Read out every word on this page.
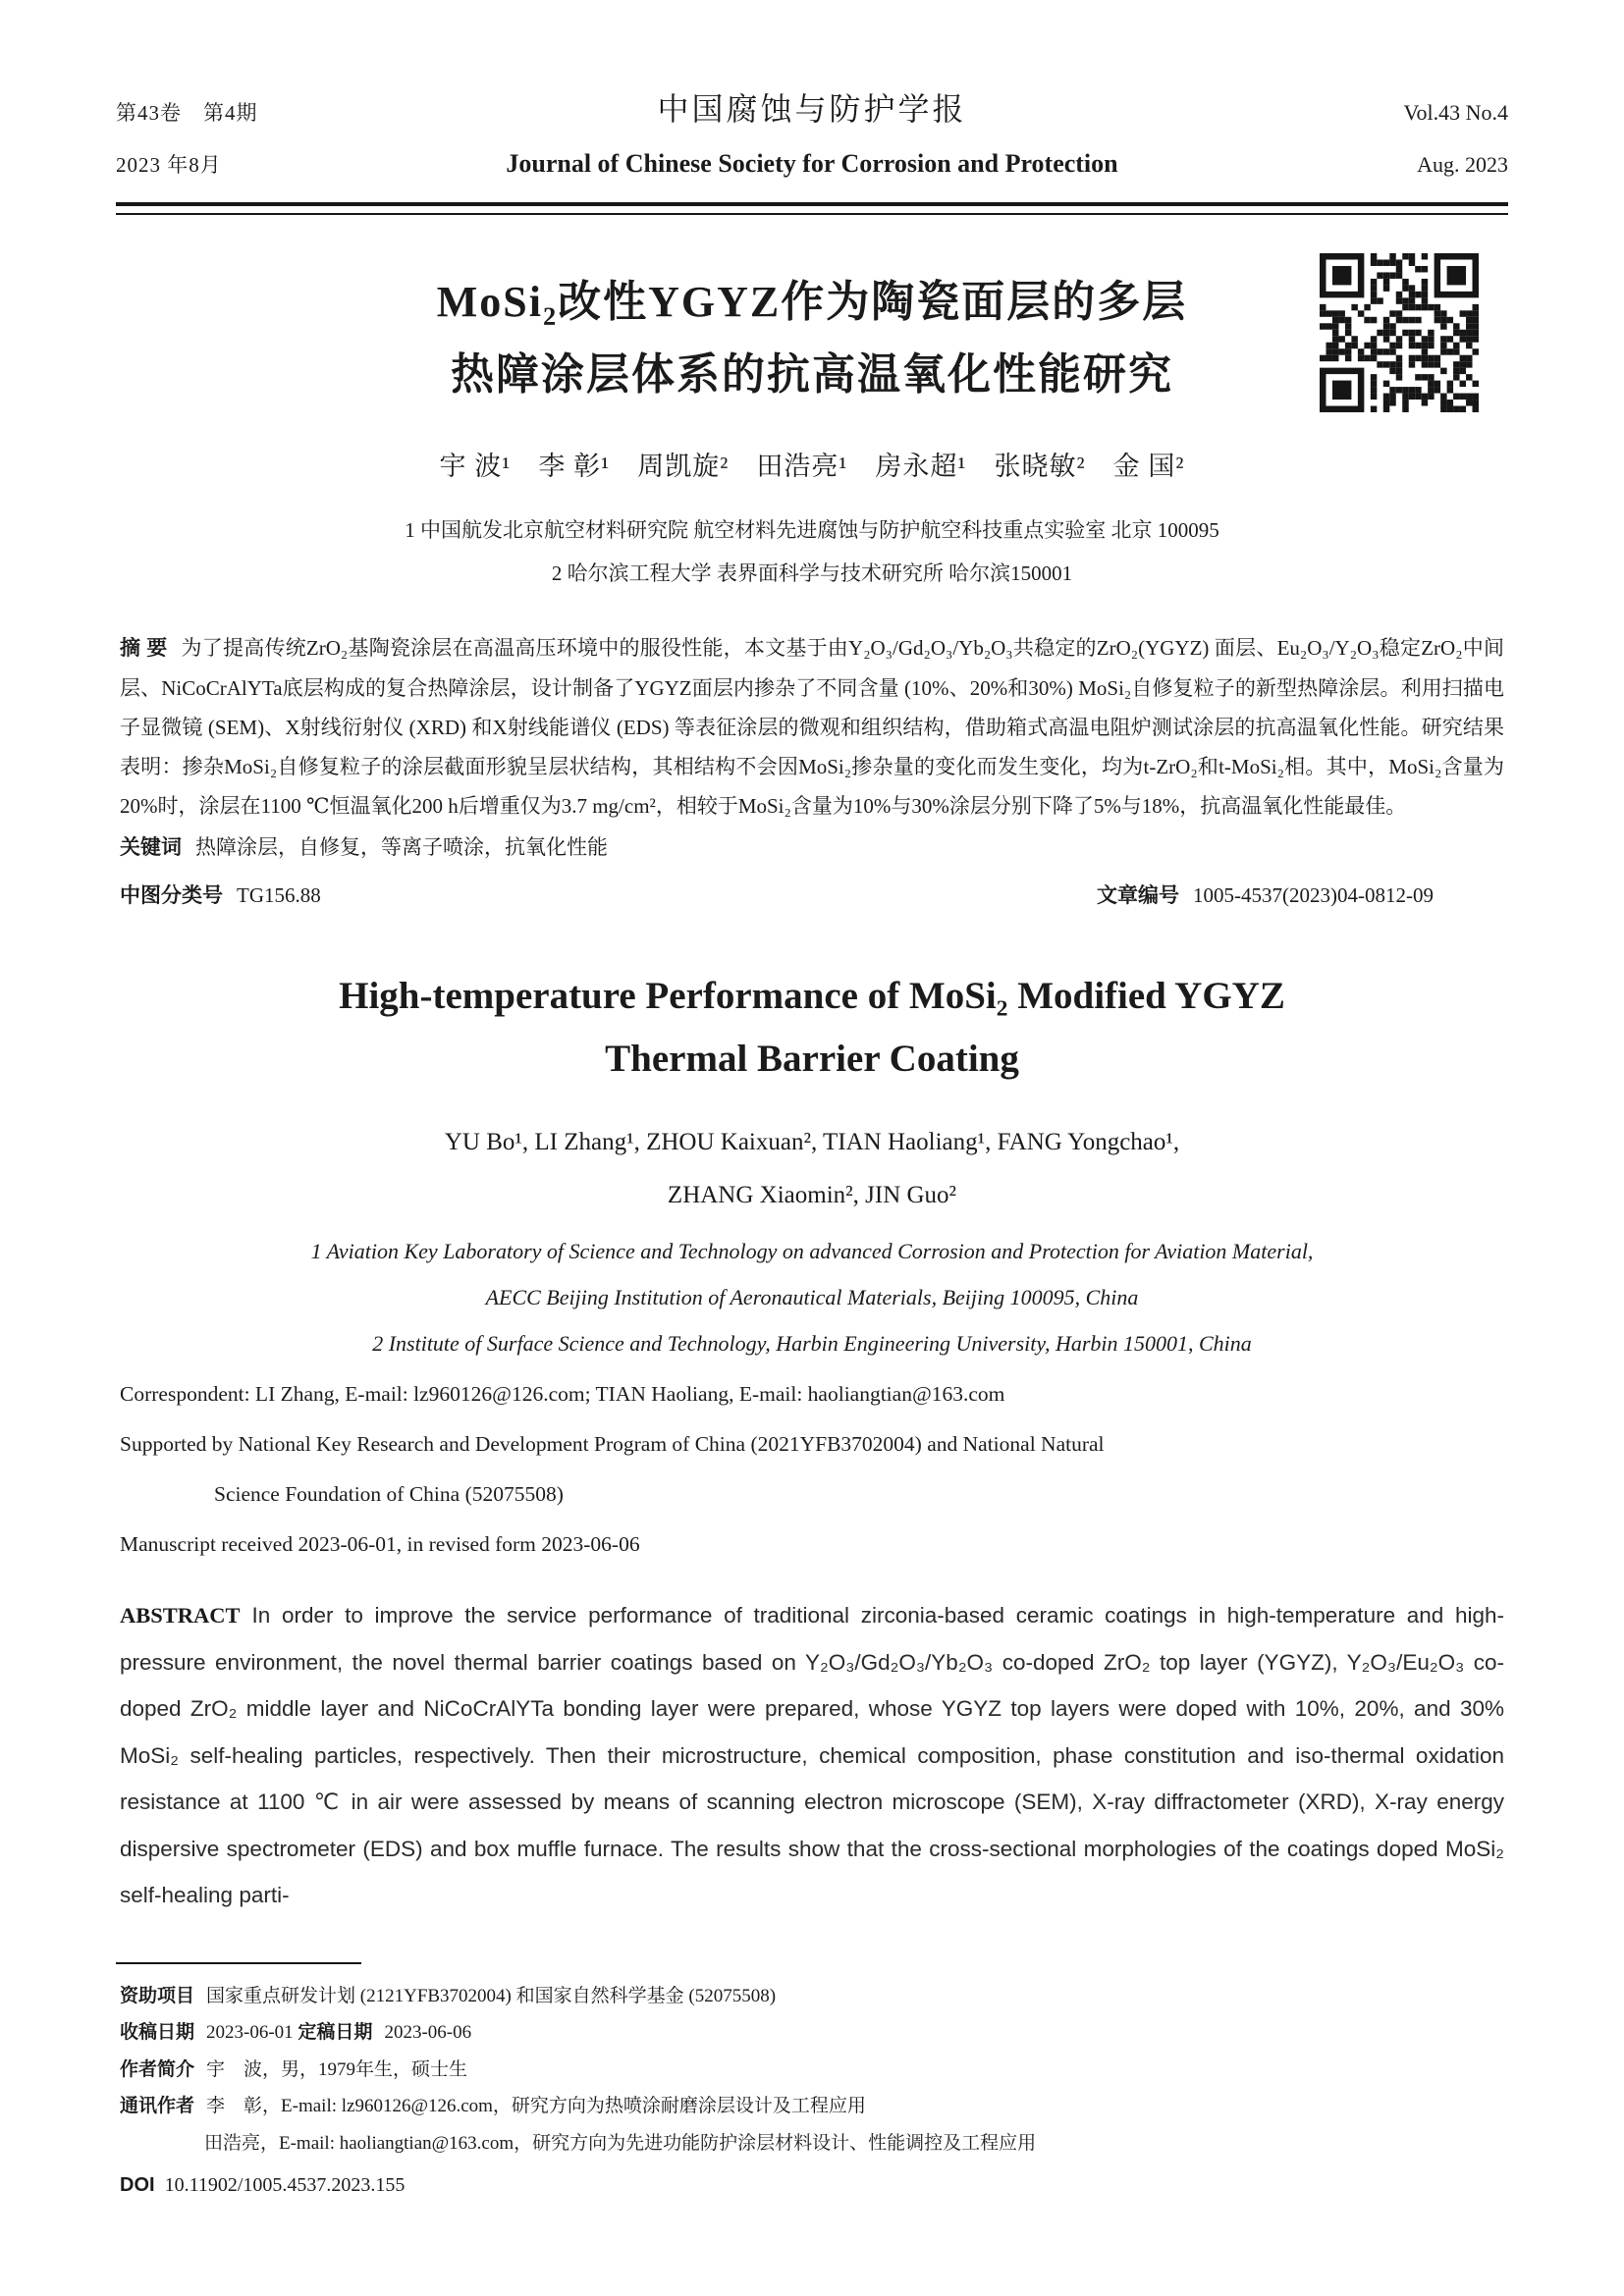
第43卷　第4期	中国腐蚀与防护学报	Vol.43 No.4
2023 年8月	Journal of Chinese Society for Corrosion and Protection	Aug. 2023
MoSi₂改性YGYZ作为陶瓷面层的多层
热障涂层体系的抗高温氧化性能研究
宇 波¹　李 彰¹　周凯旋²　田浩亮¹　房永超¹　张晓敏²　金 国²
1 中国航发北京航空材料研究院 航空材料先进腐蚀与防护航空科技重点实验室 北京 100095
2 哈尔滨工程大学 表界面科学与技术研究所 哈尔滨150001

摘 要 为了提高传统ZrO₂基陶瓷涂层在高温高压环境中的服役性能，本文基于由Y₂O₃/Gd₂O₃/Yb₂O₃共稳定的ZrO₂(YGYZ) 面层、Eu₂O₃/Y₂O₃稳定ZrO₂中间层、NiCoCrAlYTa底层构成的复合热障涂层，设计制备了YGYZ面层内掺杂了不同含量 (10%、20%和30%) MoSi₂自修复粒子的新型热障涂层。利用扫描电子显微镜 (SEM)、X射线衍射仪 (XRD) 和X射线能谱仪 (EDS) 等表征涂层的微观和组织结构，借助箱式高温电阻炉测试涂层的抗高温氧化性能。研究结果表明：掺杂MoSi₂自修复粒子的涂层截面形貌呈层状结构，其相结构不会因MoSi₂掺杂量的变化而发生变化，均为t-ZrO₂和t-MoSi₂相。其中，MoSi₂含量为20%时，涂层在1100 ℃恒温氧化200 h后增重仅为3.7 mg/cm²，相较于MoSi₂含量为10%与30%涂层分别下降了5%与18%，抗高温氧化性能最佳。

关键词 热障涂层，自修复，等离子喷涂，抗氧化性能
中图分类号 TG156.88	文章编号 1005-4537(2023)04-0812-09
High-temperature Performance of MoSi₂ Modified YGYZ
Thermal Barrier Coating
YU Bo¹, LI Zhang¹, ZHOU Kaixuan², TIAN Haoliang¹, FANG Yongchao¹,
ZHANG Xiaomin², JIN Guo²
1 Aviation Key Laboratory of Science and Technology on advanced Corrosion and Protection for Aviation Material,
AECC Beijing Institution of Aeronautical Materials, Beijing 100095, China
2 Institute of Surface Science and Technology, Harbin Engineering University, Harbin 150001, China
Correspondent: LI Zhang, E-mail: lz960126@126.com; TIAN Haoliang, E-mail: haoliangtian@163.com
Supported by National Key Research and Development Program of China (2021YFB3702004) and National Natural
Science Foundation of China (52075508)
Manuscript received 2023-06-01, in revised form 2023-06-06

ABSTRACT In order to improve the service performance of traditional zirconia-based ceramic coatings in high-temperature and high-pressure environment, the novel thermal barrier coatings based on Y₂O₃/Gd₂O₃/Yb₂O₃ co-doped ZrO₂ top layer (YGYZ), Y₂O₃/Eu₂O₃ co-doped ZrO₂ middle layer and NiCoCrAlYTa bonding layer were prepared, whose YGYZ top layers were doped with 10%, 20%, and 30% MoSi₂ self-healing particles, respectively. Then their microstructure, chemical composition, phase constitution and iso-thermal oxidation resistance at 1100 ℃ in air were assessed by means of scanning electron microscope (SEM), X-ray diffractometer (XRD), X-ray energy dispersive spectrometer (EDS) and box muffle furnace. The results show that the cross-sectional morphologies of the coatings doped MoSi₂ self-healing parti-

资助项目 国家重点研发计划 (2121YFB3702004) 和国家自然科学基金 (52075508)
收稿日期 2023-06-01 定稿日期 2023-06-06
作者简介 宇　波，男，1979年生，硕士生
通讯作者 李　彰，E-mail: lz960126@126.com，研究方向为热喷涂耐磨涂层设计及工程应用
田浩亮，E-mail: haoliangtian@163.com，研究方向为先进功能防护涂层材料设计、性能调控及工程应用
DOI 10.11902/1005.4537.2023.155
